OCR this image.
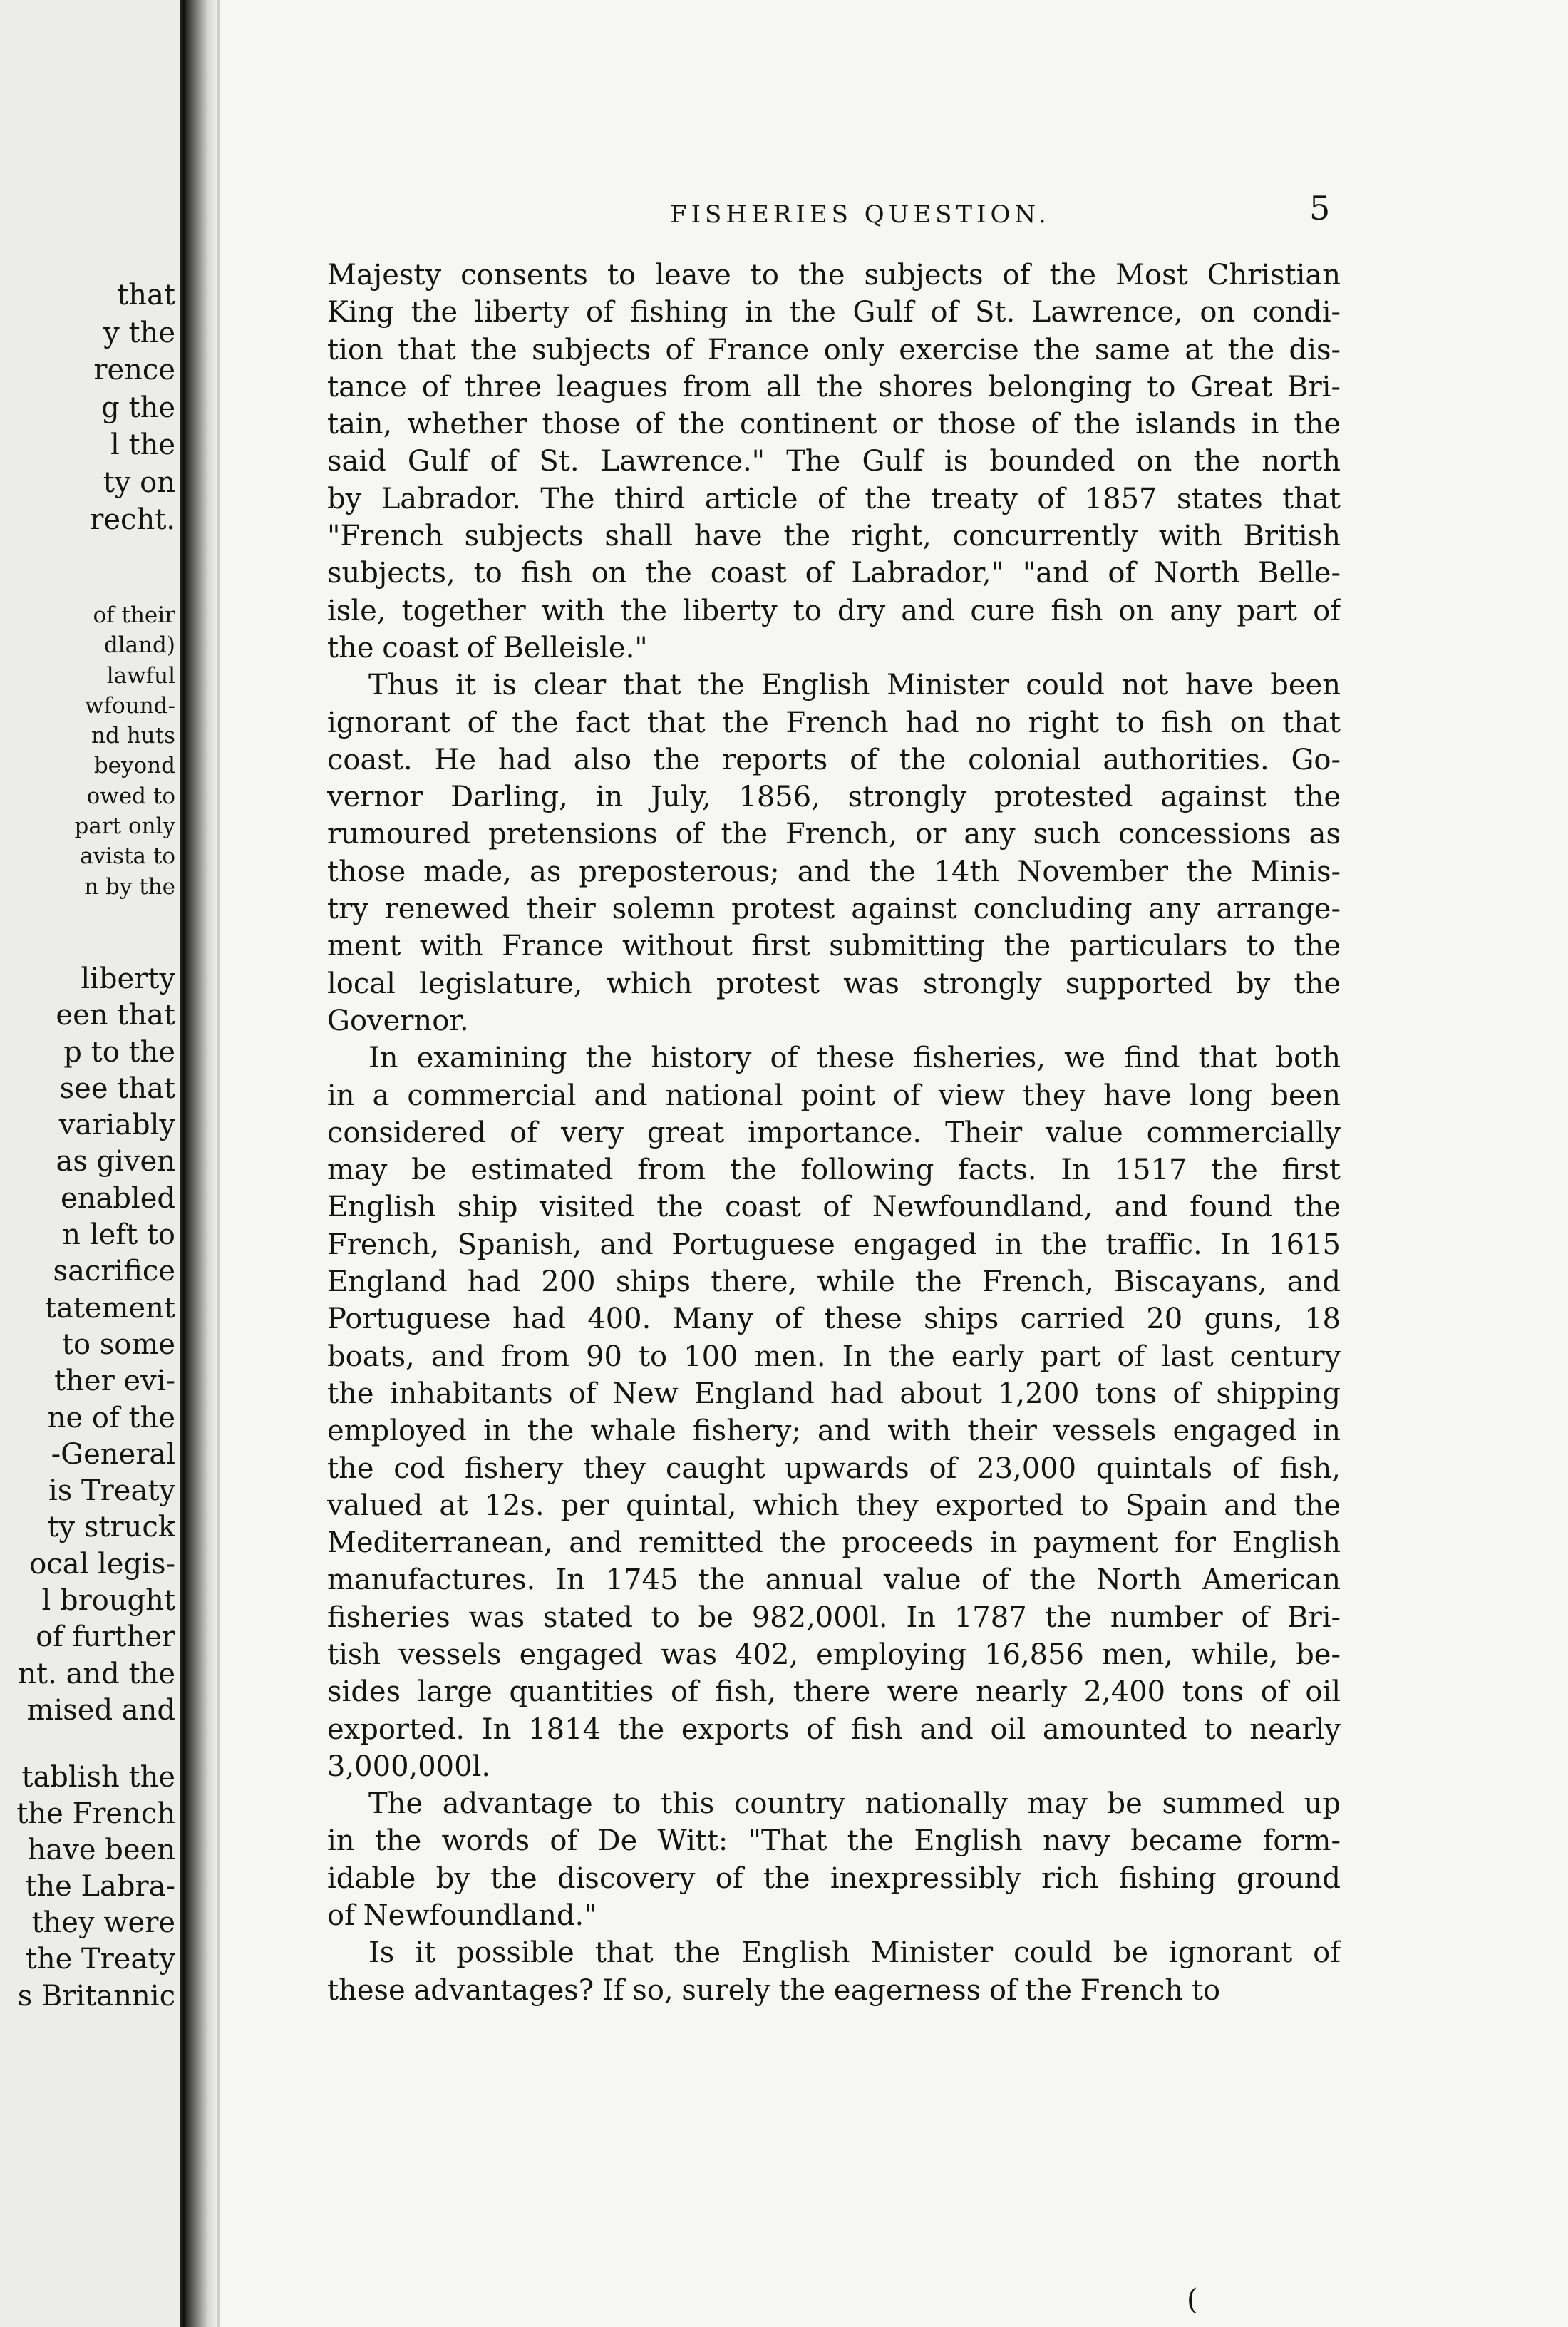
that
y the
rence
g the
l the
ty on
recht.
of their
dland)
lawful
wfound-
nd huts
beyond
owed to
part only
avista to
n by the
liberty
een that
p to the
see that
variably
as given
enabled
n left to
sacrifice
tatement
to some
ther evi-
ne of the
-General
is Treaty
ty struck
ocal legis-
l brought
of further
nt. and the
mised and
tablish the
the French
have been
the Labra-
they were
the Treaty
s Britannic
FISHERIES QUESTION.	5
Majesty consents to leave to the subjects of the Most Christian
King the liberty of fishing in the Gulf of St. Lawrence, on condi-
tion that the subjects of France only exercise the same at the dis-
tance of three leagues from all the shores belonging to Great Bri-
tain, whether those of the continent or those of the islands in the
said Gulf of St. Lawrence." The Gulf is bounded on the north
by Labrador. The third article of the treaty of 1857 states that
"French subjects shall have the right, concurrently with British
subjects, to fish on the coast of Labrador," "and of North Belle-
isle, together with the liberty to dry and cure fish on any part of
the coast of Belleisle."
Thus it is clear that the English Minister could not have been
ignorant of the fact that the French had no right to fish on that
coast. He had also the reports of the colonial authorities. Go-
vernor Darling, in July, 1856, strongly protested against the
rumoured pretensions of the French, or any such concessions as
those made, as preposterous; and the 14th November the Minis-
try renewed their solemn protest against concluding any arrange-
ment with France without first submitting the particulars to the
local legislature, which protest was strongly supported by the
Governor.
In examining the history of these fisheries, we find that both
in a commercial and national point of view they have long been
considered of very great importance. Their value commercially
may be estimated from the following facts. In 1517 the first
English ship visited the coast of Newfoundland, and found the
French, Spanish, and Portuguese engaged in the traffic. In 1615
England had 200 ships there, while the French, Biscayans, and
Portuguese had 400. Many of these ships carried 20 guns, 18
boats, and from 90 to 100 men. In the early part of last century
the inhabitants of New England had about 1,200 tons of shipping
employed in the whale fishery; and with their vessels engaged in
the cod fishery they caught upwards of 23,000 quintals of fish,
valued at 12s. per quintal, which they exported to Spain and the
Mediterranean, and remitted the proceeds in payment for English
manufactures. In 1745 the annual value of the North American
fisheries was stated to be 982,000l. In 1787 the number of Bri-
tish vessels engaged was 402, employing 16,856 men, while, be-
sides large quantities of fish, there were nearly 2,400 tons of oil
exported. In 1814 the exports of fish and oil amounted to nearly
3,000,000l.
The advantage to this country nationally may be summed up
in the words of De Witt: "That the English navy became form-
idable by the discovery of the inexpressibly rich fishing ground
of Newfoundland."
Is it possible that the English Minister could be ignorant of
these advantages? If so, surely the eagerness of the French to
(
